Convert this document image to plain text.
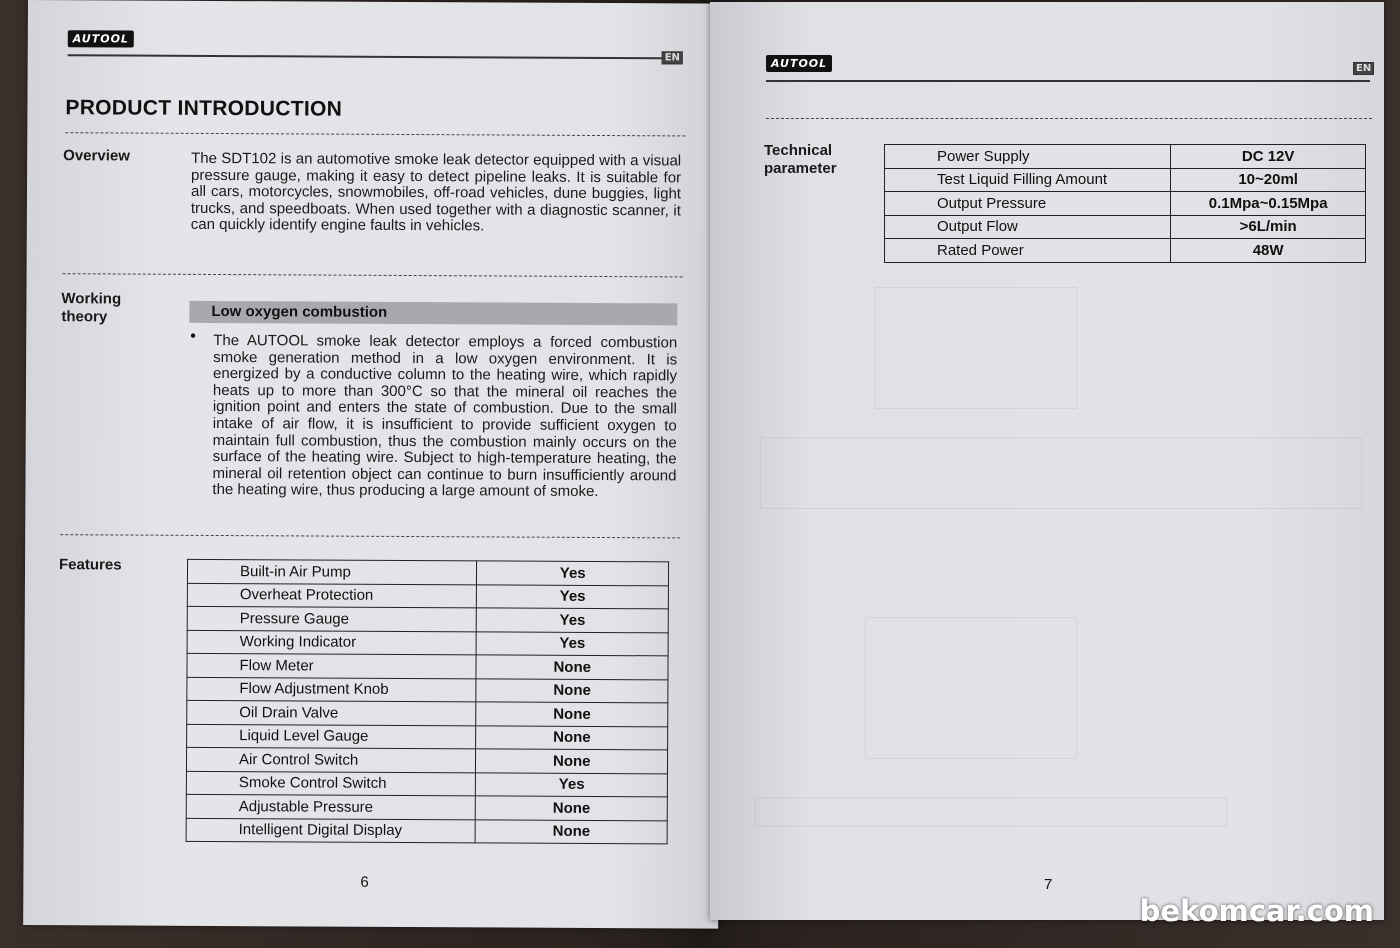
AUTOOL
EN
PRODUCT INTRODUCTION
Overview	The SDT102 is an automotive smoke leak detector equipped with a visual pressure gauge, making it easy to detect pipeline leaks. It is suitable for all cars, motorcycles, snowmobiles, off-road vehicles, dune buggies, light trucks, and speedboats. When used together with a diagnostic scanner, it can quickly identify engine faults in vehicles.
Working
theory	Low oxygen combustion
• The AUTOOL smoke leak detector employs a forced combustion smoke generation method in a low oxygen environment. It is energized by a conductive column to the heating wire, which rapidly heats up to more than 300°C so that the mineral oil reaches the ignition point and enters the state of combustion. Due to the small intake of air flow, it is insufficient to provide sufficient oxygen to maintain full combustion, thus the combustion mainly occurs on the surface of the heating wire. Subject to high-temperature heating, the mineral oil retention object can continue to burn insufficiently around the heating wire, thus producing a large amount of smoke.
Features	Built-in Air Pump	Yes
Overheat Protection	Yes
Pressure Gauge	Yes
Working Indicator	Yes
Flow Meter	None
Flow Adjustment Knob	None
Oil Drain Valve	None
Liquid Level Gauge	None
Air Control Switch	None
Smoke Control Switch	Yes
Adjustable Pressure	None
Intelligent Digital Display	None
6
AUTOOL	EN
Technical
parameter
Power Supply	DC 12V
Test Liquid Filling Amount	10~20ml
Output Pressure	0.1Mpa~0.15Mpa
Output Flow	>6L/min
Rated Power	48W
7
bekomcar.com
